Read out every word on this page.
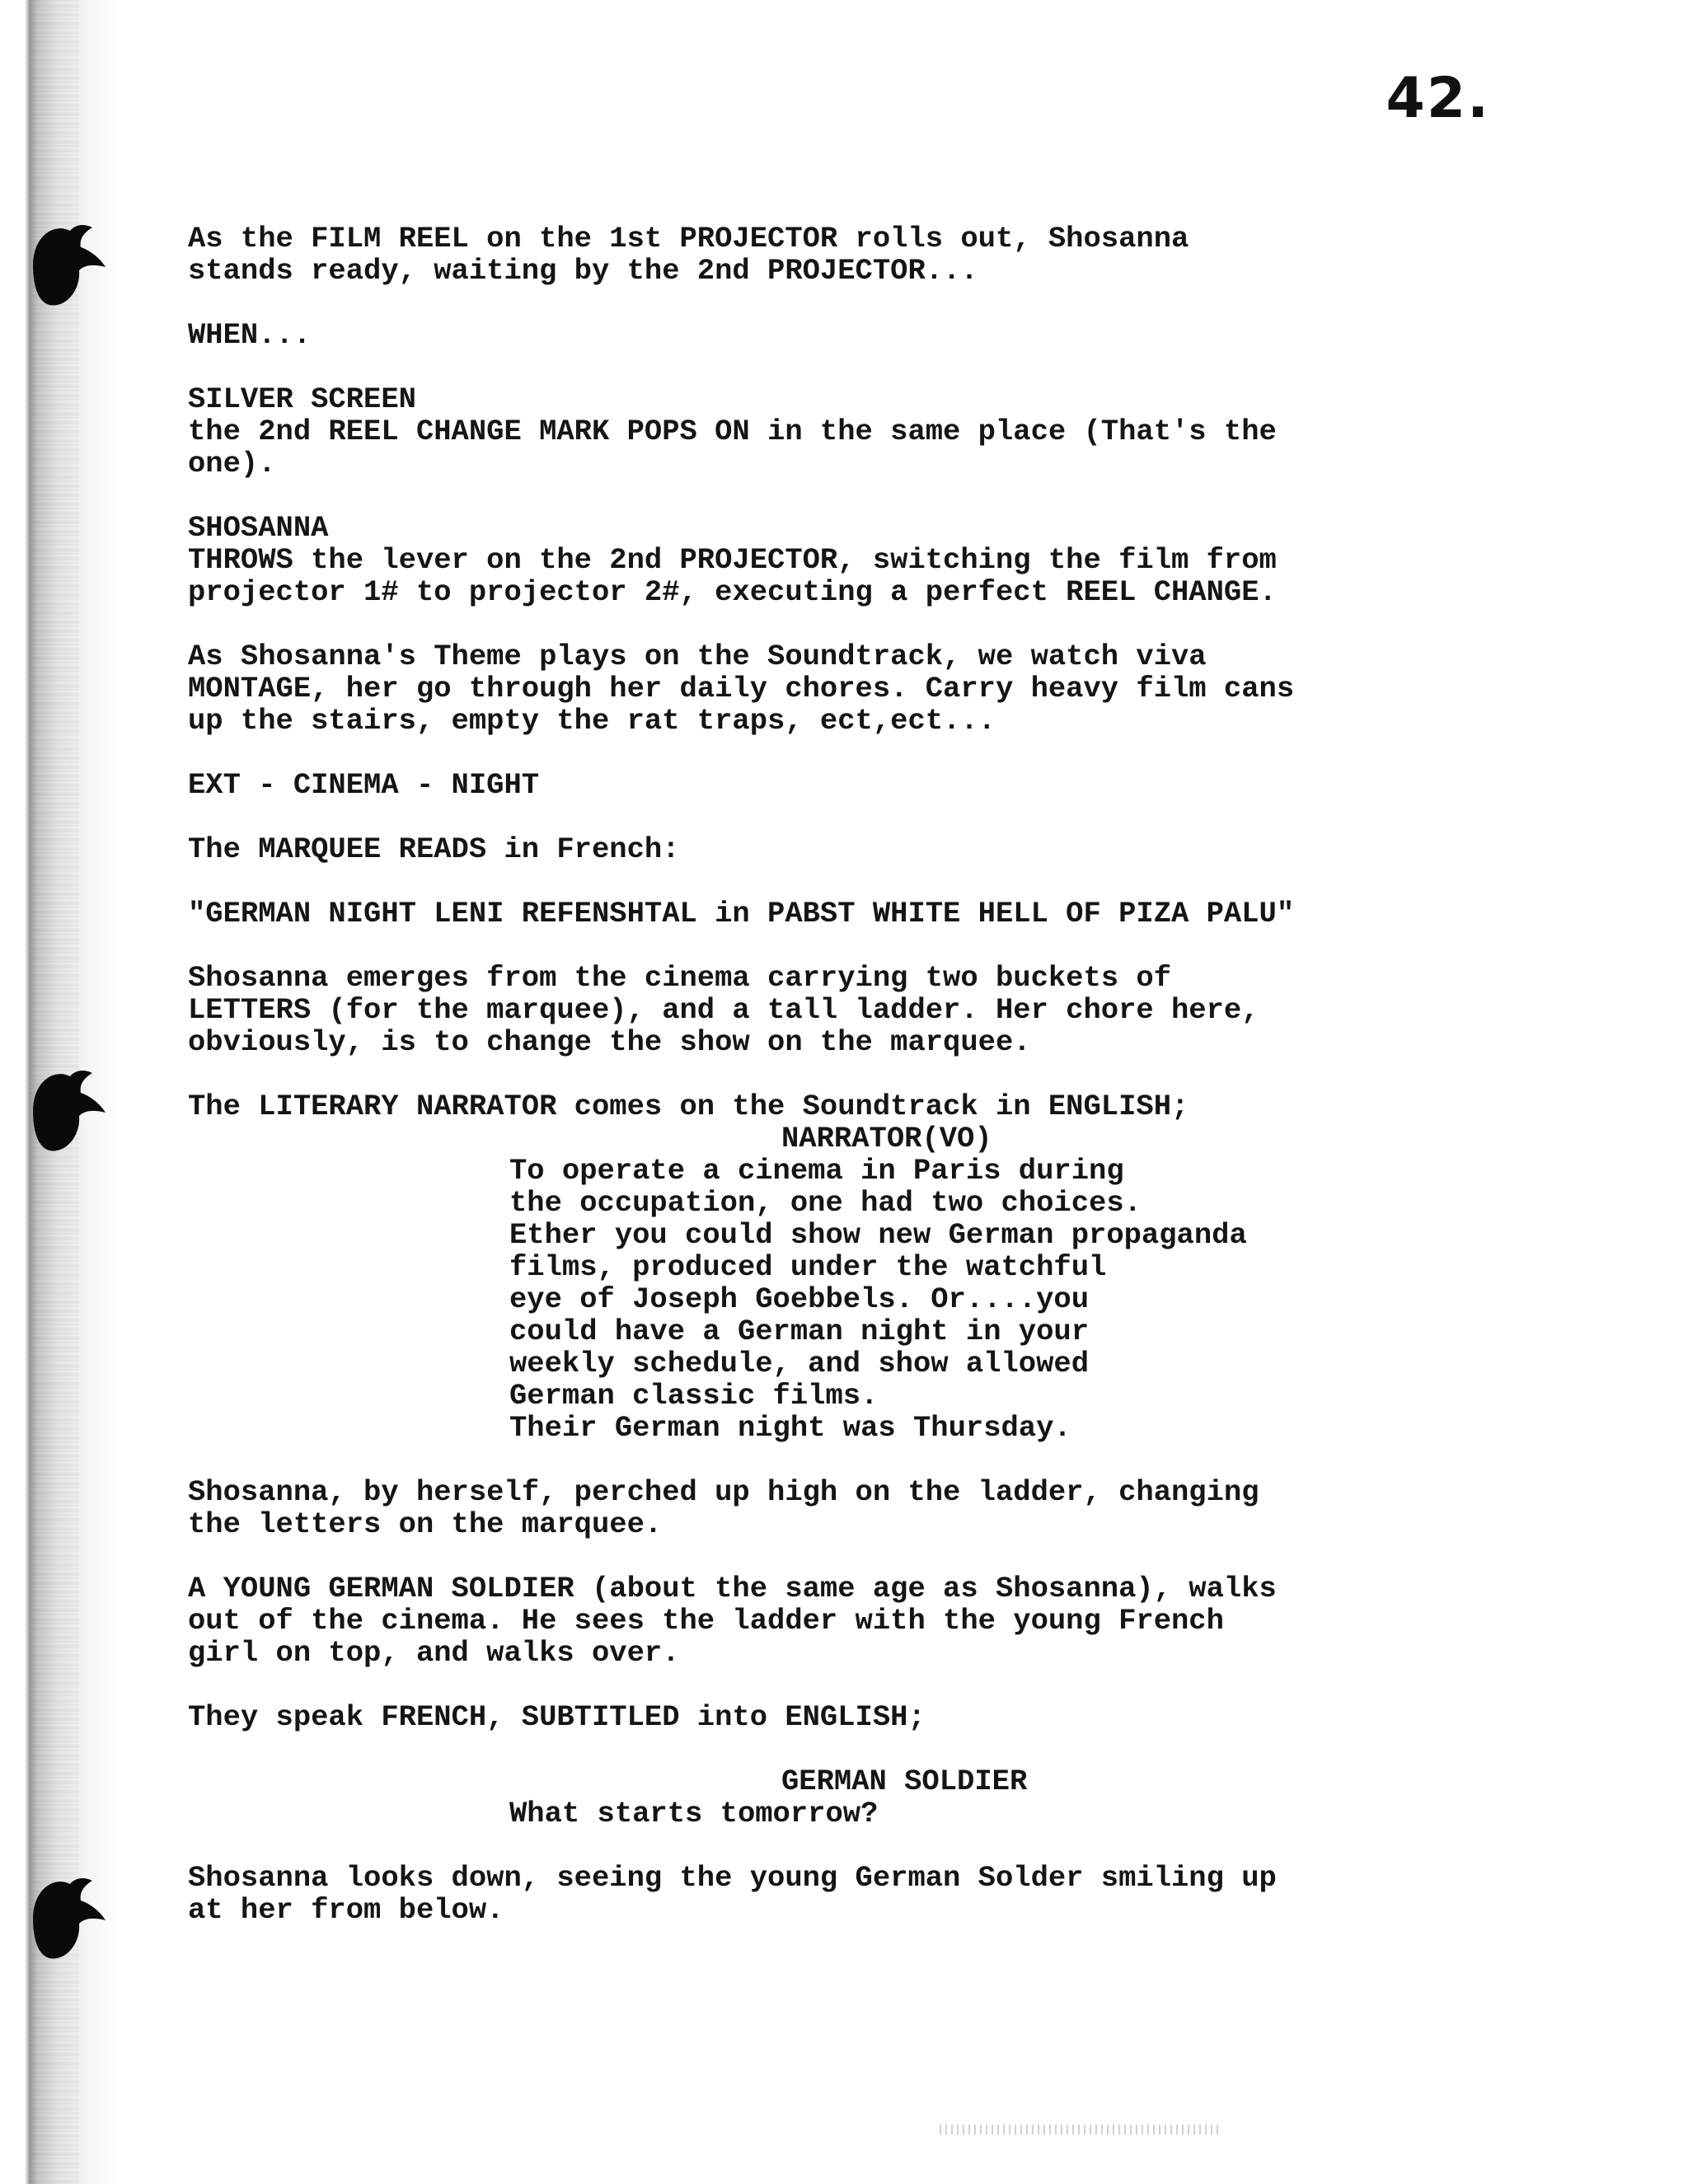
42.

As the FILM REEL on the 1st PROJECTOR rolls out, Shosanna

stands ready, waiting by the 2nd PROJECTOR...

WHEN...

SILVER SCREEN

the 2nd REEL CHANGE MARK POPS ON in the same place (That's the

one).

SHOSANNA

THROWS the lever on the 2nd PROJECTOR, switching the film from

projector 1# to projector 2#, executing a perfect REEL CHANGE.

As Shosanna's Theme plays on the Soundtrack, we watch viva

MONTAGE, her go through her daily chores. Carry heavy film cans

up the stairs, empty the rat traps, ect,ect...

EXT - CINEMA - NIGHT

The MARQUEE READS in French:

"GERMAN NIGHT LENI REFENSHTAL in PABST WHITE HELL OF PIZA PALU"

Shosanna emerges from the cinema carrying two buckets of

LETTERS (for the marquee), and a tall ladder. Her chore here,

obviously, is to change the show on the marquee.

The LITERARY NARRATOR comes on the Soundtrack in ENGLISH;

NARRATOR(VO)

To operate a cinema in Paris during

the occupation, one had two choices.

Ether you could show new German propaganda

films, produced under the watchful

eye of Joseph Goebbels. Or....you

could have a German night in your

weekly schedule, and show allowed

German classic films.

Their German night was Thursday.

Shosanna, by herself, perched up high on the ladder, changing

the letters on the marquee.

A YOUNG GERMAN SOLDIER (about the same age as Shosanna), walks

out of the cinema. He sees the ladder with the young French

girl on top, and walks over.

They speak FRENCH, SUBTITLED into ENGLISH;

GERMAN SOLDIER

What starts tomorrow?

Shosanna looks down, seeing the young German Solder smiling up

at her from below.
